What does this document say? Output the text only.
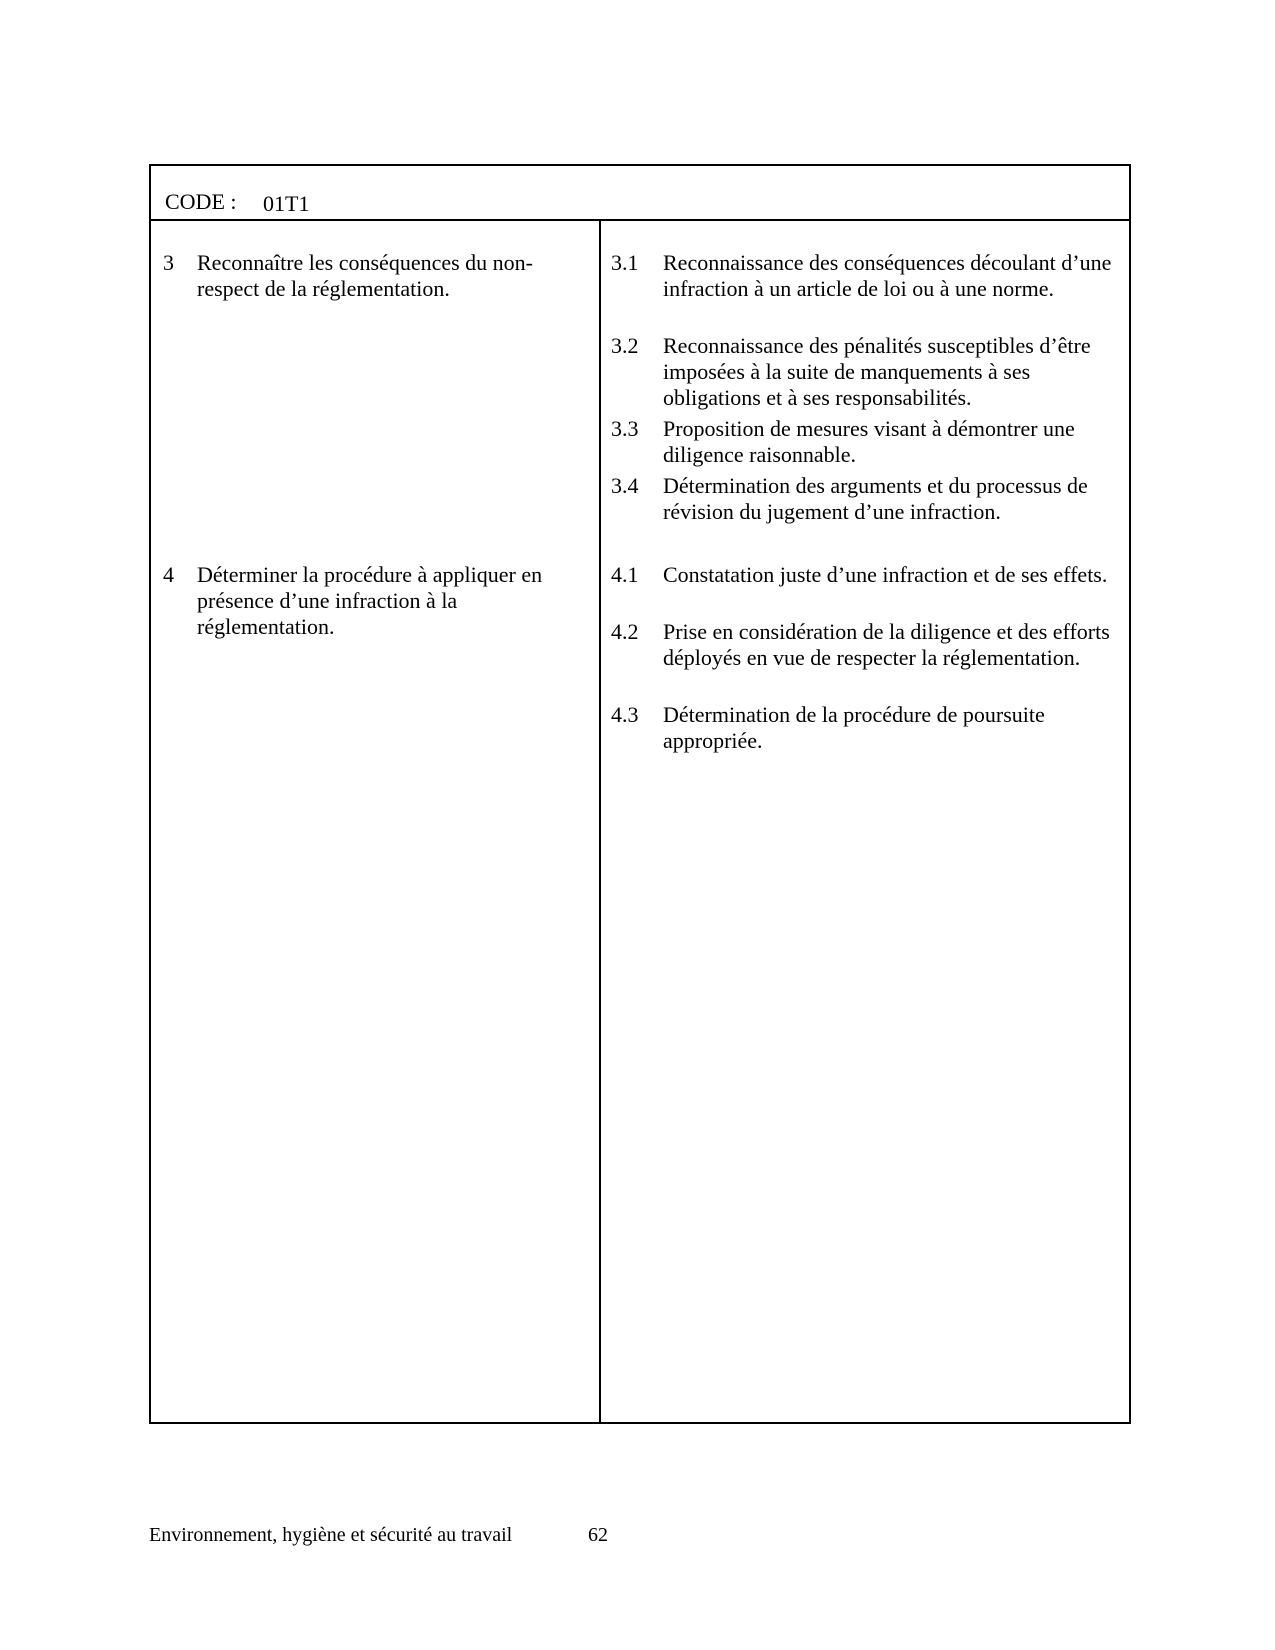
CODE : 01T1
3 Reconnaître les conséquences du non-respect de la réglementation.
3.1 Reconnaissance des conséquences découlant d’une infraction à un article de loi ou à une norme.
3.2 Reconnaissance des pénalités susceptibles d’être imposées à la suite de manquements à ses obligations et à ses responsabilités.
3.3 Proposition de mesures visant à démontrer une diligence raisonnable.
3.4 Détermination des arguments et du processus de révision du jugement d’une infraction.
4 Déterminer la procédure à appliquer en présence d’une infraction à la réglementation.
4.1 Constatation juste d’une infraction et de ses effets.
4.2 Prise en considération de la diligence et des efforts déployés en vue de respecter la réglementation.
4.3 Détermination de la procédure de poursuite appropriée.
Environnement, hygiène et sécurité au travail	62
